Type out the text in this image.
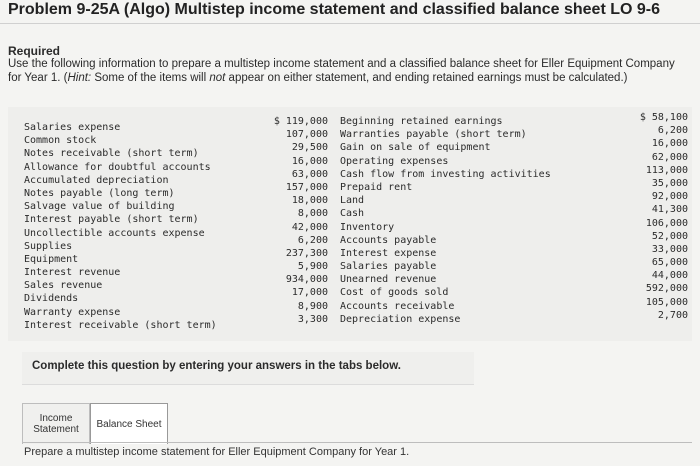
Problem 9-25A (Algo) Multistep income statement and classified balance sheet LO 9-6
Required
Use the following information to prepare a multistep income statement and a classified balance sheet for Eller Equipment Company for Year 1. (Hint: Some of the items will not appear on either statement, and ending retained earnings must be calculated.)
Salaries expense
Common stock
Notes receivable (short term)
Allowance for doubtful accounts
Accumulated depreciation
Notes payable (long term)
Salvage value of building
Interest payable (short term)
Uncollectible accounts expense
Supplies
Equipment
Interest revenue
Sales revenue
Dividends
Warranty expense
Interest receivable (short term)
$ 119,000
107,000
29,500
16,000
63,000
157,000
18,000
8,000
42,000
6,200
237,300
5,900
934,000
17,000
8,900
3,300
Beginning retained earnings
Warranties payable (short term)
Gain on sale of equipment
Operating expenses
Cash flow from investing activities
Prepaid rent
Land
Cash
Inventory
Accounts payable
Interest expense
Salaries payable
Unearned revenue
Cost of goods sold
Accounts receivable
Depreciation expense
$ 58,100
6,200
16,000
62,000
113,000
35,000
92,000
41,300
106,000
52,000
33,000
65,000
44,000
592,000
105,000
2,700
Complete this question by entering your answers in the tabs below.
Income
Statement Balance Sheet
Prepare a multistep income statement for Eller Equipment Company for Year 1.
